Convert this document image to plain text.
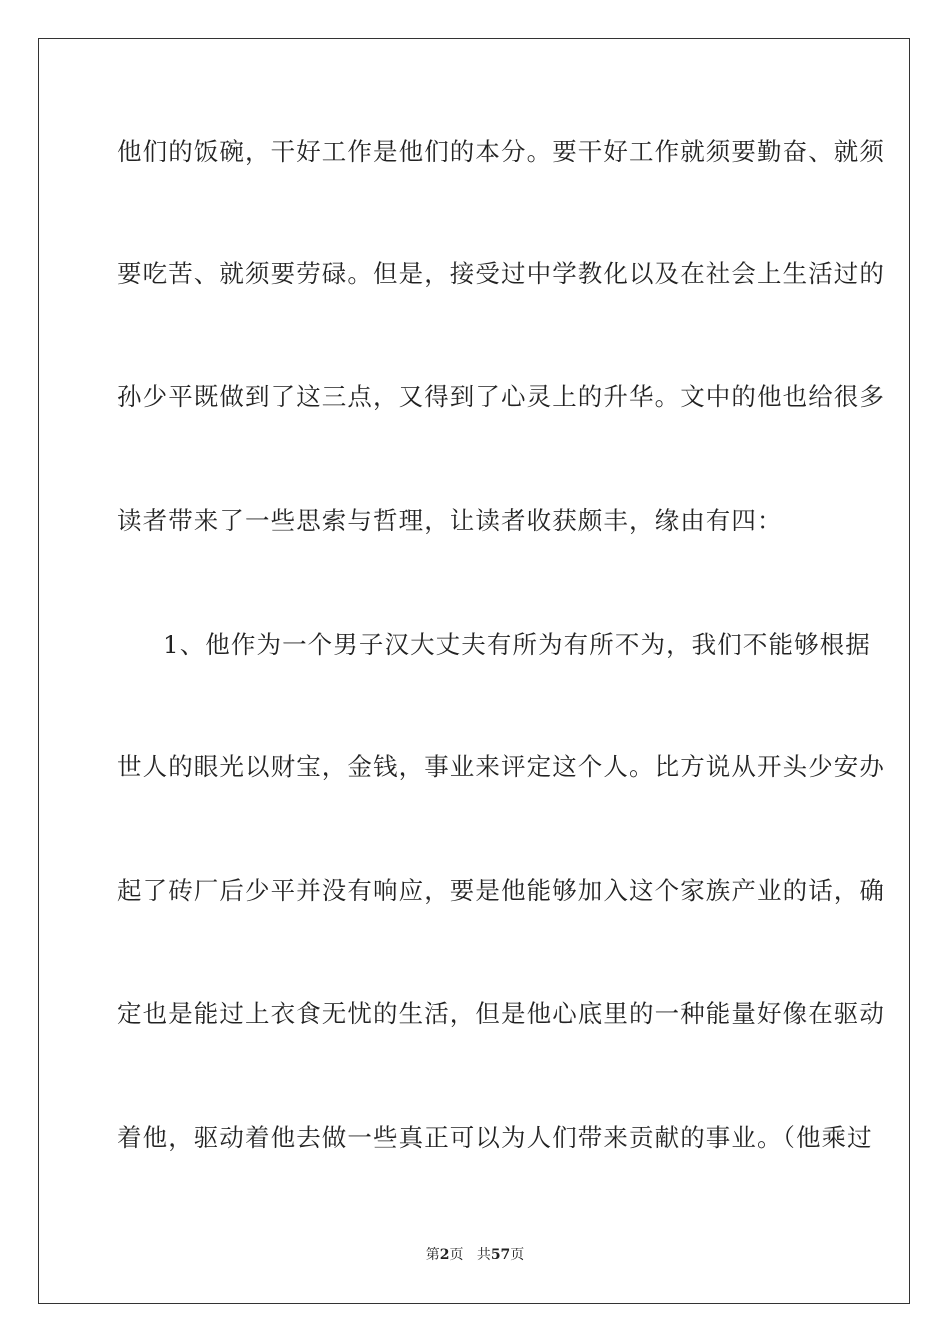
他们的饭碗，干好工作是他们的本分。要干好工作就须要勤奋、就须
要吃苦、就须要劳碌。但是，接受过中学教化以及在社会上生活过的
孙少平既做到了这三点，又得到了心灵上的升华。文中的他也给很多
读者带来了一些思索与哲理，让读者收获颇丰，缘由有四：
1、他作为一个男子汉大丈夫有所为有所不为，我们不能够根据
世人的眼光以财宝，金钱，事业来评定这个人。比方说从开头少安办
起了砖厂后少平并没有响应，要是他能够加入这个家族产业的话，确
定也是能过上衣食无忧的生活，但是他心底里的一种能量好像在驱动
着他，驱动着他去做一些真正可以为人们带来贡献的事业。（他乘过
第2页 共57页
